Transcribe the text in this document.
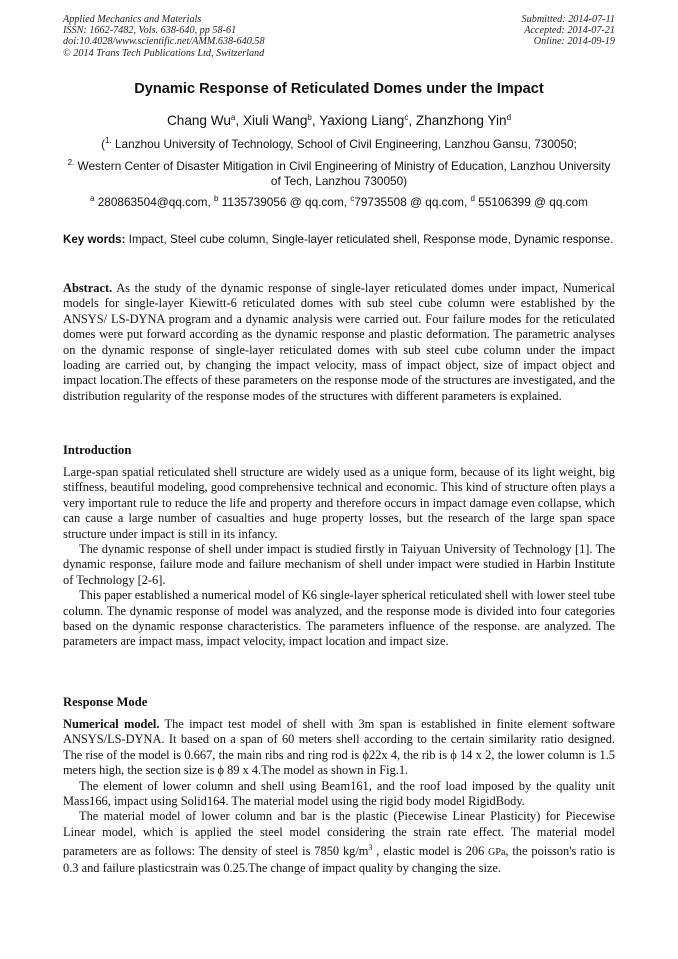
Applied Mechanics and Materials
ISSN: 1662-7482, Vols. 638-640, pp 58-61
doi:10.4028/www.scientific.net/AMM.638-640.58
© 2014 Trans Tech Publications Ltd, Switzerland
Submitted: 2014-07-11
Accepted: 2014-07-21
Online: 2014-09-19
Dynamic Response of Reticulated Domes under the Impact
Chang Wu$^a$, Xiuli Wang$^b$, Yaxiong Liang$^c$, Zhanzhong Yin$^d$
($^{1.}$ Lanzhou University of Technology, School of Civil Engineering, Lanzhou Gansu, 730050;
$^{2.}$ Western Center of Disaster Mitigation in Civil Engineering of Ministry of Education, Lanzhou University of Tech, Lanzhou 730050)
$^a$ 280863504@qq.com, $^b$ 1135739056 @ qq.com, $^c$79735508 @ qq.com, $^d$ 55106399 @ qq.com
Key words: Impact, Steel cube column, Single-layer reticulated shell, Response mode, Dynamic response.

Abstract. As the study of the dynamic response of single-layer reticulated domes under impact, Numerical models for single-layer Kiewitt-6 reticulated domes with sub steel cube column were established by the ANSYS/ LS-DYNA program and a dynamic analysis were carried out. Four failure modes for the reticulated domes were put forward according as the dynamic response and plastic deformation. The parametric analyses on the dynamic response of single-layer reticulated domes with sub steel cube column under the impact loading are carried out, by changing the impact velocity, mass of impact object, size of impact object and impact location.The effects of these parameters on the response mode of the structures are investigated, and the distribution regularity of the response modes of the structures with different parameters is explained.

Introduction

Large-span spatial reticulated shell structure are widely used as a unique form, because of its light weight, big stiffness, beautiful modeling, good comprehensive technical and economic. This kind of structure often plays a very important rule to reduce the life and property and therefore occurs in impact damage even collapse, which can cause a large number of casualties and huge property losses, but the research of the large span space structure under impact is still in its infancy.

The dynamic response of shell under impact is studied firstly in Taiyuan University of Technology [1]. The dynamic response, failure mode and failure mechanism of shell under impact were studied in Harbin Institute of Technology [2-6].

This paper established a numerical model of K6 single-layer spherical reticulated shell with lower steel tube column. The dynamic response of model was analyzed, and the response mode is divided into four categories based on the dynamic response characteristics. The parameters influence of the response. are analyzed. The parameters are impact mass, impact velocity, impact location and impact size.

Response Mode

Numerical model. The impact test model of shell with 3m span is established in finite element software ANSYS/LS-DYNA. It based on a span of 60 meters shell according to the certain similarity ratio designed. The rise of the model is 0.667, the main ribs and ring rod is ϕ22x 4, the rib is ϕ 14 x 2, the lower column is 1.5 meters high, the section size is ϕ 89 x 4.The model as shown in Fig.1.

The element of lower column and shell using Beam161, and the roof load imposed by the quality unit Mass166, impact using Solid164. The material model using the rigid body model RigidBody.

The material model of lower column and bar is the plastic (Piecewise Linear Plasticity) for Piecewise Linear model, which is applied the steel model considering the strain rate effect. The material model parameters are as follows: The density of steel is 7850 $kg/m^3$ , elastic model is 206 GPa, the poisson's ratio is 0.3 and failure plasticstrain was 0.25.The change of impact quality by changing the size.
